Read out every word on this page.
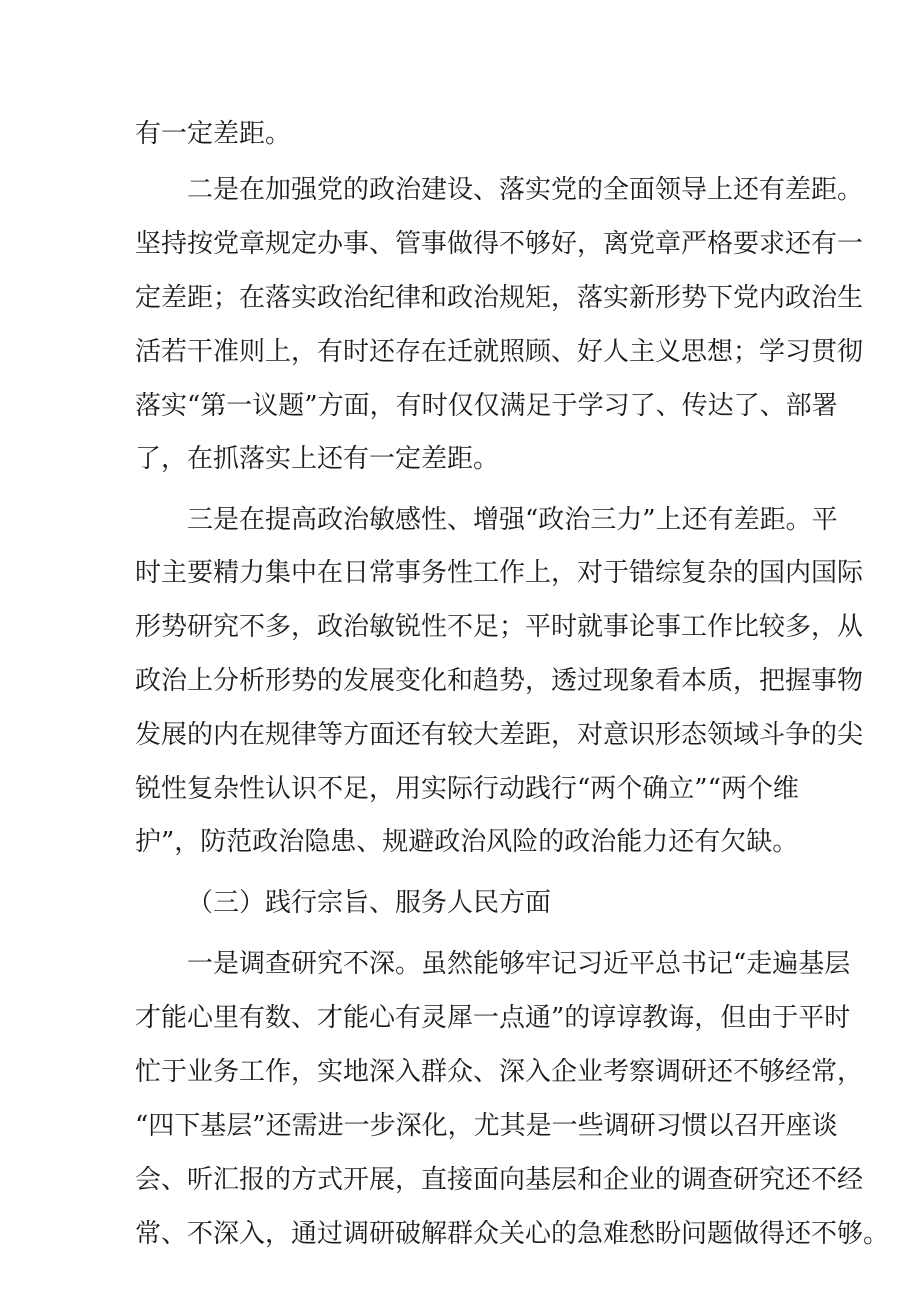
有一定差距。
二是在加强党的政治建设、落实党的全面领导上还有差距。
坚持按党章规定办事、管事做得不够好，离党章严格要求还有一
定差距；在落实政治纪律和政治规矩，落实新形势下党内政治生
活若干准则上，有时还存在迁就照顾、好人主义思想；学习贯彻
落实“第一议题”方面，有时仅仅满足于学习了、传达了、部署
了，在抓落实上还有一定差距。
三是在提高政治敏感性、增强“政治三力”上还有差距。平
时主要精力集中在日常事务性工作上，对于错综复杂的国内国际
形势研究不多，政治敏锐性不足；平时就事论事工作比较多，从
政治上分析形势的发展变化和趋势，透过现象看本质，把握事物
发展的内在规律等方面还有较大差距，对意识形态领域斗争的尖
锐性复杂性认识不足，用实际行动践行“两个确立”“两个维
护”，防范政治隐患、规避政治风险的政治能力还有欠缺。
（三）践行宗旨、服务人民方面
一是调查研究不深。虽然能够牢记习近平总书记“走遍基层
才能心里有数、才能心有灵犀一点通”的谆谆教诲，但由于平时
忙于业务工作，实地深入群众、深入企业考察调研还不够经常，
“四下基层”还需进一步深化，尤其是一些调研习惯以召开座谈
会、听汇报的方式开展，直接面向基层和企业的调查研究还不经
常、不深入，通过调研破解群众关心的急难愁盼问题做得还不够。
